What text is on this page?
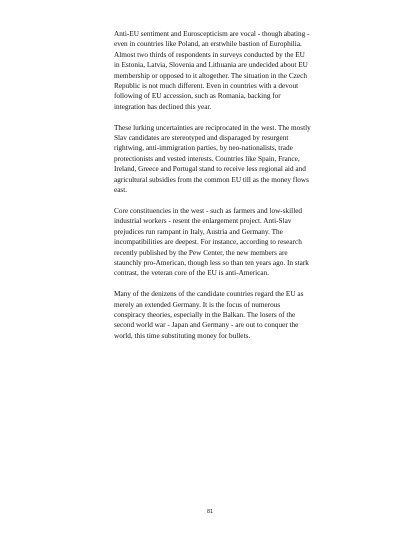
Anti-EU sentiment and Euroscepticism are vocal - though abating - even in countries like Poland, an erstwhile bastion of Europhilia. Almost two thirds of respondents in surveys conducted by the EU in Estonia, Latvia, Slovenia and Lithuania are undecided about EU membership or opposed to it altogether. The situation in the Czech Republic is not much different. Even in countries with a devout following of EU accession, such as Romania, backing for integration has declined this year.

These lurking uncertainties are reciprocated in the west. The mostly Slav candidates are stereotyped and disparaged by resurgent rightwing, anti-immigration parties, by neo-nationalists, trade protectionists and vested interests. Countries like Spain, France, Ireland, Greece and Portugal stand to receive less regional aid and agricultural subsidies from the common EU till as the money flows east.

Core constituencies in the west - such as farmers and low-skilled industrial workers - resent the enlargement project. Anti-Slav prejudices run rampant in Italy, Austria and Germany. The incompatibilities are deepest. For instance, according to research recently published by the Pew Center, the new members are staunchly pro-American, though less so than ten years ago. In stark contrast, the veteran core of the EU is anti-American.

Many of the denizens of the candidate countries regard the EU as merely an extended Germany. It is the focus of numerous conspiracy theories, especially in the Balkan. The losers of the second world war - Japan and Germany - are out to conquer the world, this time substituting money for bullets.

81
